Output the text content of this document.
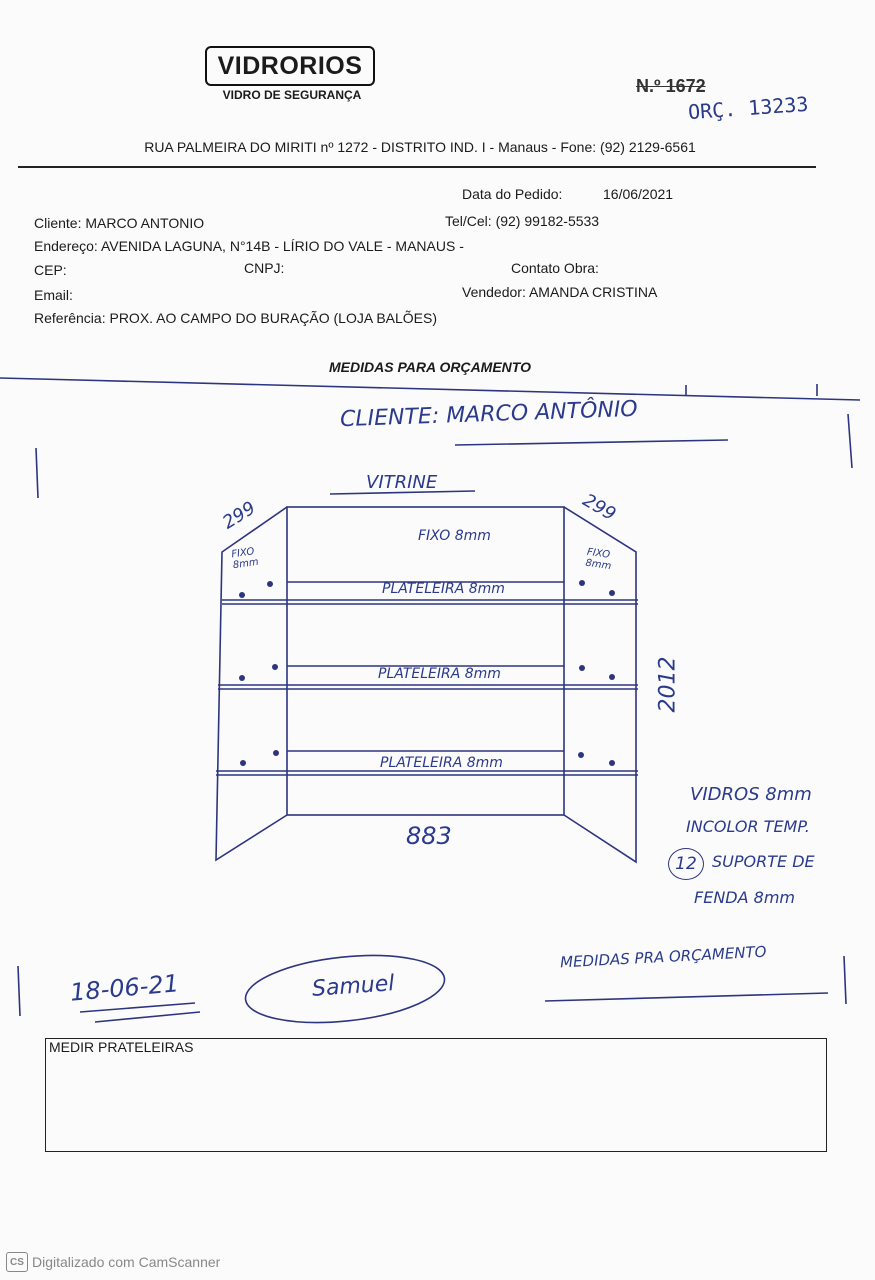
VIDRORIOS
VIDRO DE SEGURANÇA	N.º 1672
ORÇ. 13233
RUA PALMEIRA DO MIRITI nº 1272 - DISTRITO IND. I - Manaus - Fone: (92) 2129-6561
Data do Pedido:	16/06/2021
Cliente: MARCO ANTONIO	Tel/Cel: (92) 99182-5533
Endereço: AVENIDA LAGUNA, N°14B - LÍRIO DO VALE - MANAUS -
CEP:	CNPJ:	Contato Obra:
Email:	Vendedor: AMANDA CRISTINA
Referência: PROX. AO CAMPO DO BURAÇÃO (LOJA BALÕES)
MEDIDAS PARA ORÇAMENTO
CLIENTE: MARCO ANTÔNIO
VITRINE
299	299
FIXO 8mm
FIXO 8mm
FIXO 8mm
PLATELEIRA 8mm
PLATELEIRA 8mm
PLATELEIRA 8mm
2012
883
VIDROS 8mm
INCOLOR TEMP.
12 SUPORTE DE
FENDA 8mm
MEDIDAS PRA ORÇAMENTO
18-06-21	Samuel
MEDIR PRATELEIRAS
CS Digitalizado com CamScanner
